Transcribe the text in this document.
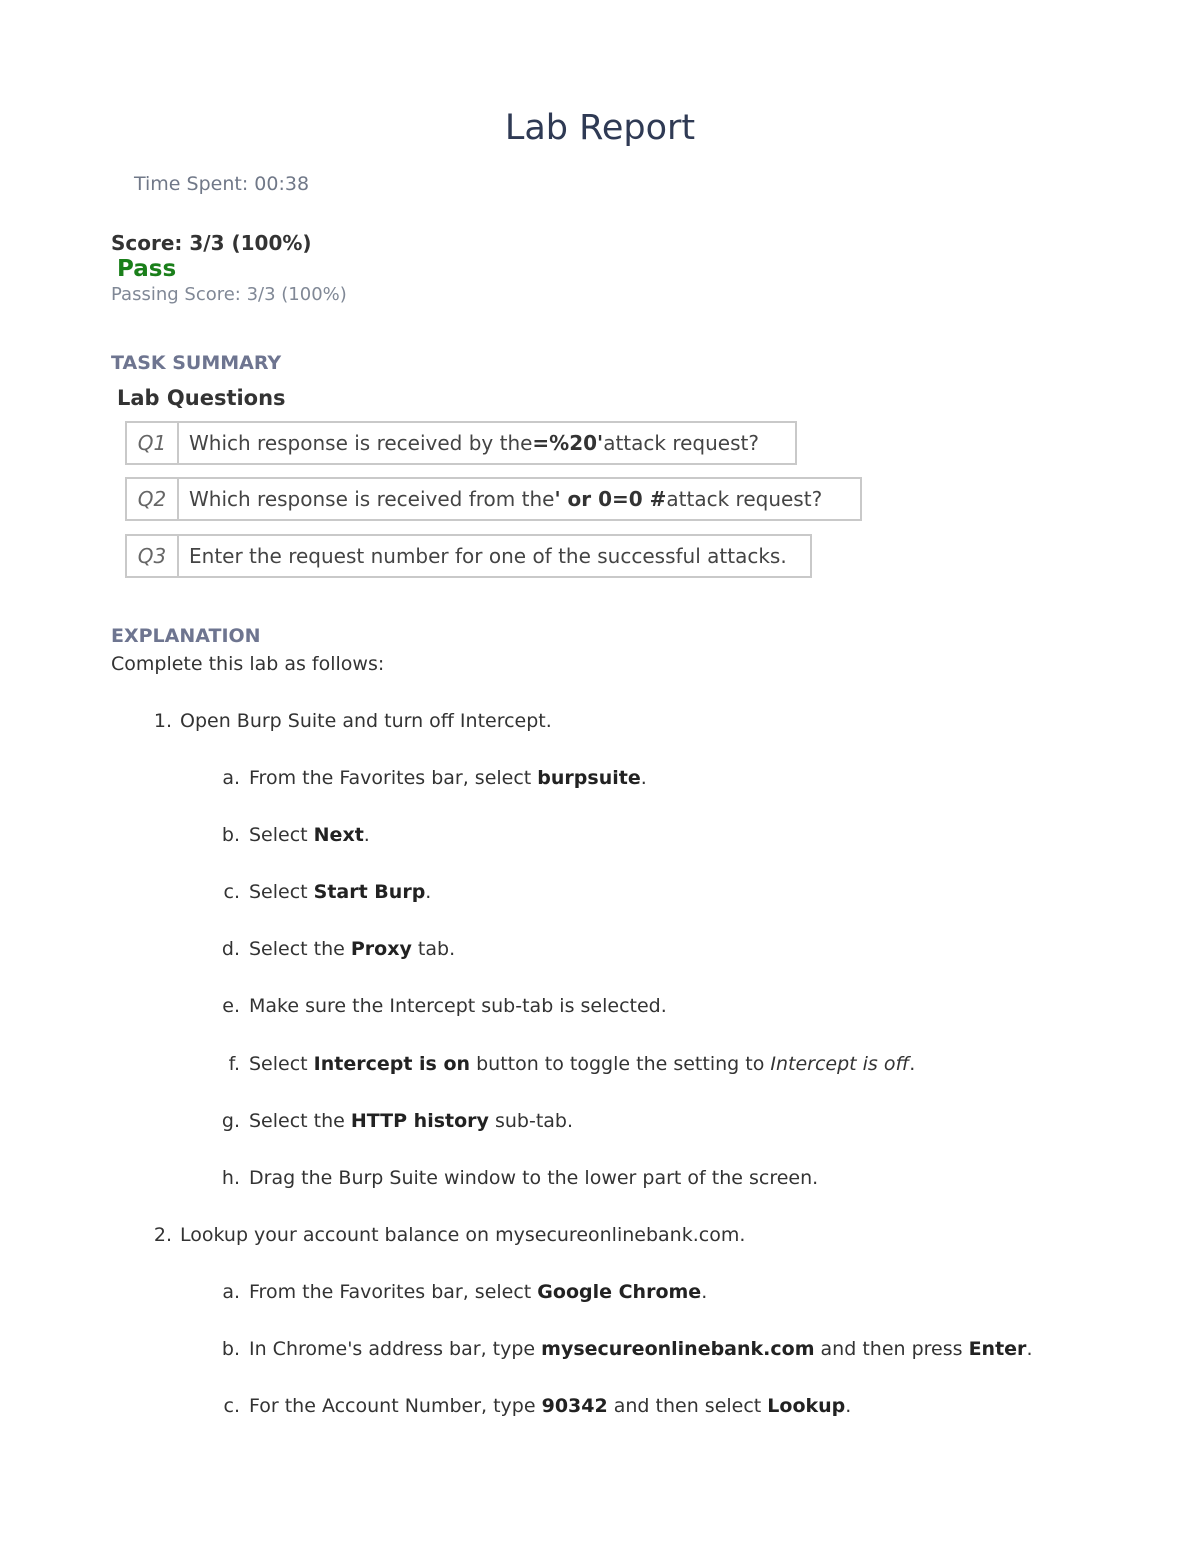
Lab Report
Time Spent: 00:38
Score: 3/3 (100%)
Pass
Passing Score: 3/3 (100%)
TASK SUMMARY
Lab Questions
Q1	Which response is received by the =%20' attack request?
Q2	Which response is received from the ' or 0=0 # attack request?
Q3	Enter the request number for one of the successful attacks.
EXPLANATION
Complete this lab as follows:
1. Open Burp Suite and turn off Intercept.
a. From the Favorites bar, select burpsuite.
b. Select Next.
c. Select Start Burp.
d. Select the Proxy tab.
e. Make sure the Intercept sub-tab is selected.
f. Select Intercept is on button to toggle the setting to Intercept is off.
g. Select the HTTP history sub-tab.
h. Drag the Burp Suite window to the lower part of the screen.
2. Lookup your account balance on mysecureonlinebank.com.
a. From the Favorites bar, select Google Chrome.
b. In Chrome's address bar, type mysecureonlinebank.com and then press Enter.
c. For the Account Number, type 90342 and then select Lookup.
